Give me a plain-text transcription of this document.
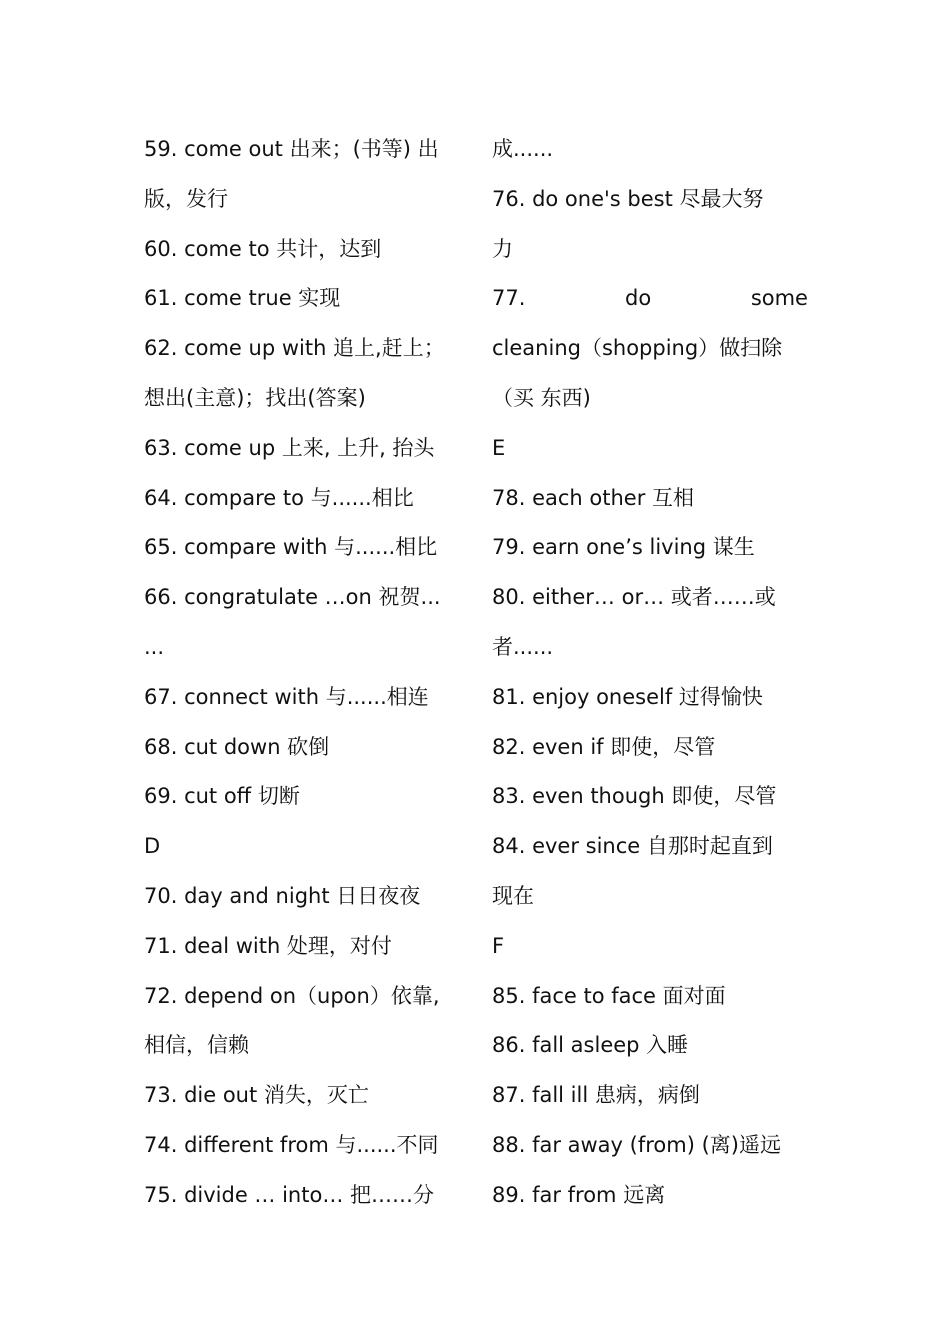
59. come out 出来；(书等) 出
版，发行
60. come to 共计，达到
61. come true 实现
62. come up with 追上,赶上；
想出(主意)；找出(答案)
63. come up 上来, 上升, 抬头
64. compare to 与......相比
65. compare with 与......相比
66. congratulate …on 祝贺...
...
67. connect with 与......相连
68. cut down 砍倒
69. cut off 切断
D
70. day and night 日日夜夜
71. deal with 处理，对付
72. depend on（upon）依靠,
相信，信赖
73. die out 消失，灭亡
74. different from 与......不同
75. divide … into… 把……分
成......
76. do one's best 尽最大努
力
77.	do	some
cleaning（shopping）做扫除
（买 东西)
E
78. each other 互相
79. earn one’s living 谋生
80. either… or… 或者……或
者......
81. enjoy oneself 过得愉快
82. even if 即使，尽管
83. even though 即使，尽管
84. ever since 自那时起直到
现在
F
85. face to face 面对面
86. fall asleep 入睡
87. fall ill 患病，病倒
88. far away (from) (离)遥远
89. far from 远离
